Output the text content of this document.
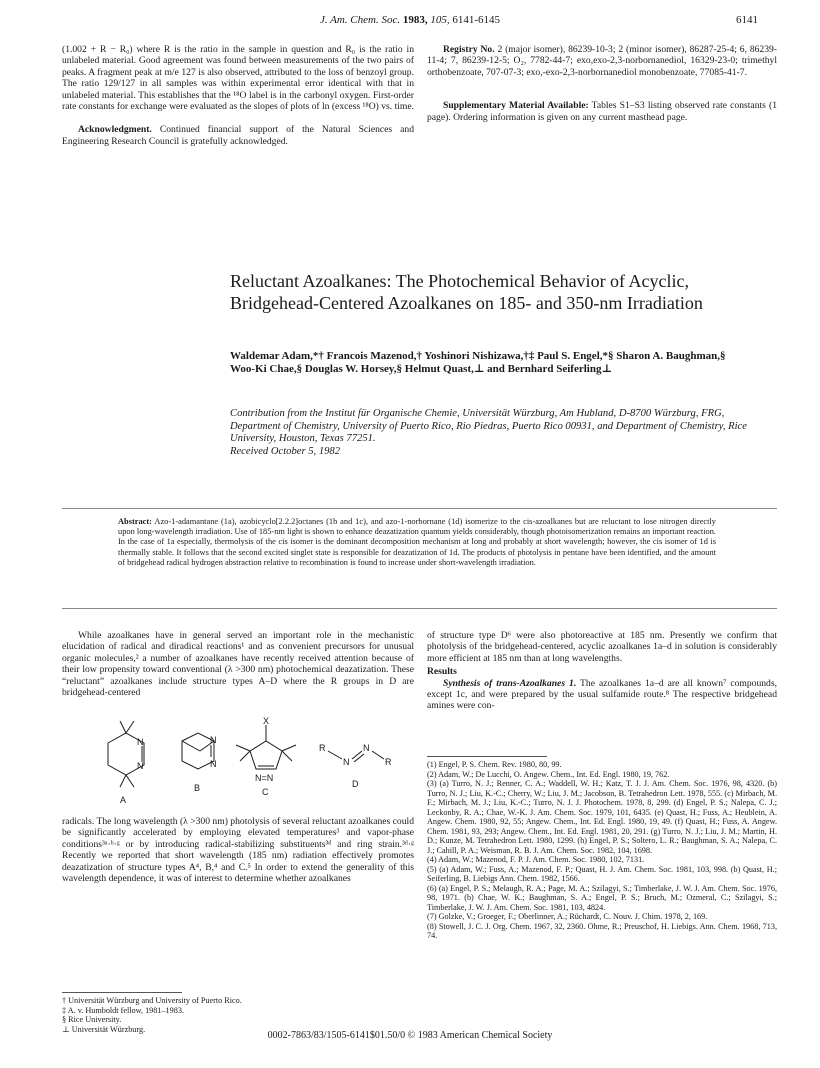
J. Am. Chem. Soc. 1983, 105, 6141-6145	6141

(1.002 + R − R₀) where R is the ratio in the sample in question and R₀ is the ratio in unlabeled material. Good agreement was found between measurements of the two pairs of peaks. A fragment peak at m/e 127 is also observed, attributed to the loss of benzoyl group. The ratio 129/127 in all samples was within experimental error identical with that in unlabeled material. This establishes that the ¹⁸O label is in the carbonyl oxygen. First-order rate constants for exchange were evaluated as the slopes of plots of ln (excess ¹⁸O) vs. time.

Acknowledgment. Continued financial support of the Natural Sciences and Engineering Research Council is gratefully acknowledged.

Registry No. 2 (major isomer), 86239-10-3; 2 (minor isomer), 86287-25-4; 6, 86239-11-4; 7, 86239-12-5; O₂, 7782-44-7; exo,exo-2,3-norbornanediol, 16329-23-0; trimethyl orthobenzoate, 707-07-3; exo,-exo-2,3-norbornanediol monobenzoate, 77085-41-7.

Supplementary Material Available: Tables S1–S3 listing observed rate constants (1 page). Ordering information is given on any current masthead page.

Reluctant Azoalkanes: The Photochemical Behavior of Acyclic, Bridgehead-Centered Azoalkanes on 185- and 350-nm Irradiation
Waldemar Adam,*† Francois Mazenod,† Yoshinori Nishizawa,†‡ Paul S. Engel,*§ Sharon A. Baughman,§ Woo-Ki Chae,§ Douglas W. Horsey,§ Helmut Quast,⊥ and Bernhard Seiferling⊥
Contribution from the Institut für Organische Chemie, Universität Würzburg, Am Hubland, D-8700 Würzburg, FRG, Department of Chemistry, University of Puerto Rico, Rio Piedras, Puerto Rico 00931, and Department of Chemistry, Rice University, Houston, Texas 77251.
Received October 5, 1982
Abstract: Azo-1-adamantane (1a), azobicyclo[2.2.2]octanes (1b and 1c), and azo-1-norbornane (1d) isomerize to the cis-azoalkanes but are reluctant to lose nitrogen directly upon long-wavelength irradiation. Use of 185-nm light is shown to enhance deazatization quantum yields considerably, though photoisomerization remains an important reaction. In the case of 1a especially, thermolysis of the cis isomer is the dominant decomposition mechanism at long and probably at short wavelength; however, the cis isomer of 1d is thermally stable. It follows that the second excited singlet state is responsible for deazatization of 1d. The products of photolysis in pentane have been identified, and the amount of bridgehead radical hydrogen abstraction relative to recombination is found to increase under short-wavelength irradiation.

While azoalkanes have in general served an important role in the mechanistic elucidation of radical and diradical reactions¹ and as convenient precursors for unusual organic molecules,² a number of azoalkanes have recently received attention because of their low propensity toward conventional (λ >300 nm) photochemical deazatization. These “reluctant” azoalkanes include structure types A–D where the R groups in D are bridgehead-centered

N
N
N
N
N=N
X
R
N
N
R
A
B	C
D

radicals. The long wavelength (λ >300 nm) photolysis of several reluctant azoalkanes could be significantly accelerated by employing elevated temperatures³ and vapor-phase conditions³ᵃ·ᵇ·ᵍ or by introducing radical-stabilizing substituents³ᵈ and ring strain.³ᵈ·ᵍ Recently we reported that short wavelength (185 nm) radiation effectively promotes deazatization of structure types A⁴, B,⁴ and C.⁵ In order to extend the generality of this wavelength dependence, it was of interest to determine whether azoalkanes

† Universität Würzburg and University of Puerto Rico.

‡ A. v. Humboldt fellow, 1981–1983.

§ Rice University.

⊥ Universität Würzburg.

of structure type D⁶ were also photoreactive at 185 nm. Presently we confirm that photolysis of the bridgehead-centered, acyclic azoalkanes 1a–d in solution is considerably more efficient at 185 nm than at long wavelengths.

Results

Synthesis of trans-Azoalkanes 1. The azoalkanes 1a–d are all known⁷ compounds, except 1c, and were prepared by the usual sulfamide route.⁸ The respective bridgehead amines were con-

(1) Engel, P. S. Chem. Rev. 1980, 80, 99.

(2) Adam, W.; De Lucchi, O. Angew. Chem., Int. Ed. Engl. 1980, 19, 762.

(3) (a) Turro, N. J.; Renner, C. A.; Waddell, W. H.; Katz, T. J. J. Am. Chem. Soc. 1976, 98, 4320. (b) Turro, N. J.; Liu, K.-C.; Cherry, W.; Liu, J. M.; Jacobson, B. Tetrahedron Lett. 1978, 555. (c) Mirbach, M. F.; Mirbach, M. J.; Liu, K.-C.; Turro, N. J. J. Photochem. 1978, 8, 299. (d) Engel, P. S.; Nalepa, C. J.; Leckonby, R. A.; Chae, W.-K. J. Am. Chem. Soc. 1979, 101, 6435. (e) Quast, H.; Fuss, A.; Heublein, A. Angew. Chem. 1980, 92, 55; Angew. Chem., Int. Ed. Engl. 1980, 19, 49. (f) Quast, H.; Fuss, A. Angew. Chem. 1981, 93, 293; Angew. Chem., Int. Ed. Engl. 1981, 20, 291. (g) Turro, N. J.; Liu, J. M.; Martin, H. D.; Kunze, M. Tetrahedron Lett. 1980, 1299. (h) Engel, P. S.; Soltero, L. R.; Baughman, S. A.; Nalepa, C. J.; Cahill, P. A.; Weisman, R. B. J. Am. Chem. Soc. 1982, 104, 1698.

(4) Adam, W.; Mazenod, F. P. J. Am. Chem. Soc. 1980, 102, 7131.

(5) (a) Adam, W.; Fuss, A.; Mazenod, F. P.; Quast, H. J. Am. Chem. Soc. 1981, 103, 998. (b) Quast, H.; Seiferling, B. Liebigs Ann. Chem. 1982, 1566.

(6) (a) Engel, P. S.; Melaugh, R. A.; Page, M. A.; Szilagyi, S.; Timberlake, J. W. J. Am. Chem. Soc. 1976, 98, 1971. (b) Chae, W. K.; Baughman, S. A.; Engel, P. S.; Bruch, M.; Ozmeral, C.; Szilagyi, S.; Timberlake, J. W. J. Am. Chem. Soc. 1981, 103, 4824.

(7) Golzke, V.; Groeger, F.; Oberlinner, A.; Rüchardt, C. Nouv. J. Chim. 1978, 2, 169.

(8) Stowell, J. C. J. Org. Chem. 1967, 32, 2360. Ohme, R.; Preuschof, H. Liebigs. Ann. Chem. 1968, 713, 74.

0002-7863/83/1505-6141$01.50/0 © 1983 American Chemical Society
